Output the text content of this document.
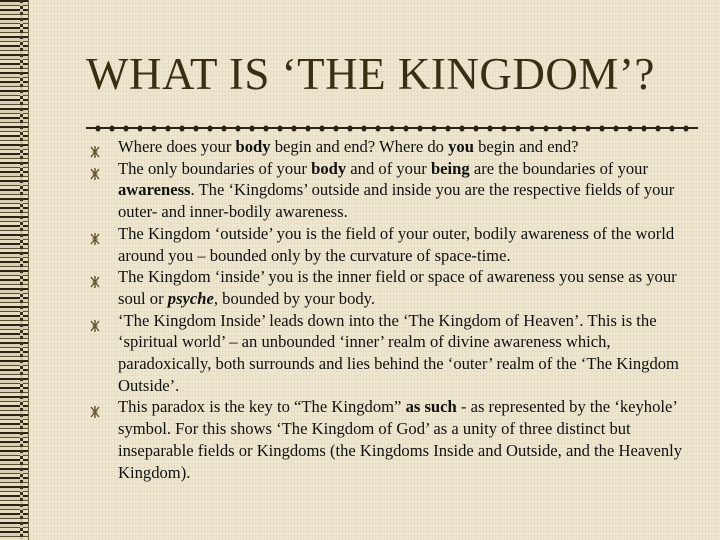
WHAT IS ‘THE KINGDOM’?
Where does your body begin and end? Where do you begin and end?
The only boundaries of your body and of your being are the boundaries of your awareness. The ‘Kingdoms’ outside and inside you are the respective fields of your outer- and inner-bodily awareness.
The Kingdom ‘outside’ you is the field of your outer, bodily awareness of the world around you – bounded only by the curvature of space-time.
The Kingdom ‘inside’ you is the inner field or space of awareness you sense as your soul or psyche, bounded by your body.
‘The Kingdom Inside’ leads down into the ‘The Kingdom of Heaven’. This is the ‘spiritual world’ – an unbounded ‘inner’ realm of divine awareness which, paradoxically, both surrounds and lies behind the ‘outer’ realm of the ‘The Kingdom Outside’.
This paradox is the key to “The Kingdom” as such - as represented by the ‘keyhole’ symbol. For this shows ‘The Kingdom of God’ as a unity of three distinct but inseparable fields or Kingdoms (the Kingdoms Inside and Outside, and the Heavenly Kingdom).
